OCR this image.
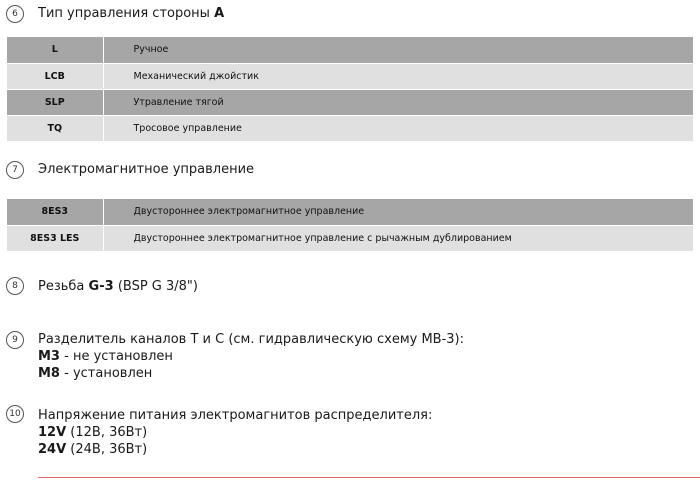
6	Тип управления стороны A
L	Ручное
LCB	Механический джойстик
SLP	Утравление тягой
TQ	Тросовое управление
7	Электромагнитное управление
8ES3	Двустороннее электромагнитное управление
8ES3 LES	Двустороннее электромагнитное управление с рычажным дублированием
8	Резьба G-3 (BSP G 3/8")
9	Разделитель каналов Т и С (см. гидравлическую схему МВ-3):
M3 - не установлен
M8 - установлен
10 Напряжение питания электромагнитов распределителя:
12V (12В, 36Вт)
24V (24В, 36Вт)
